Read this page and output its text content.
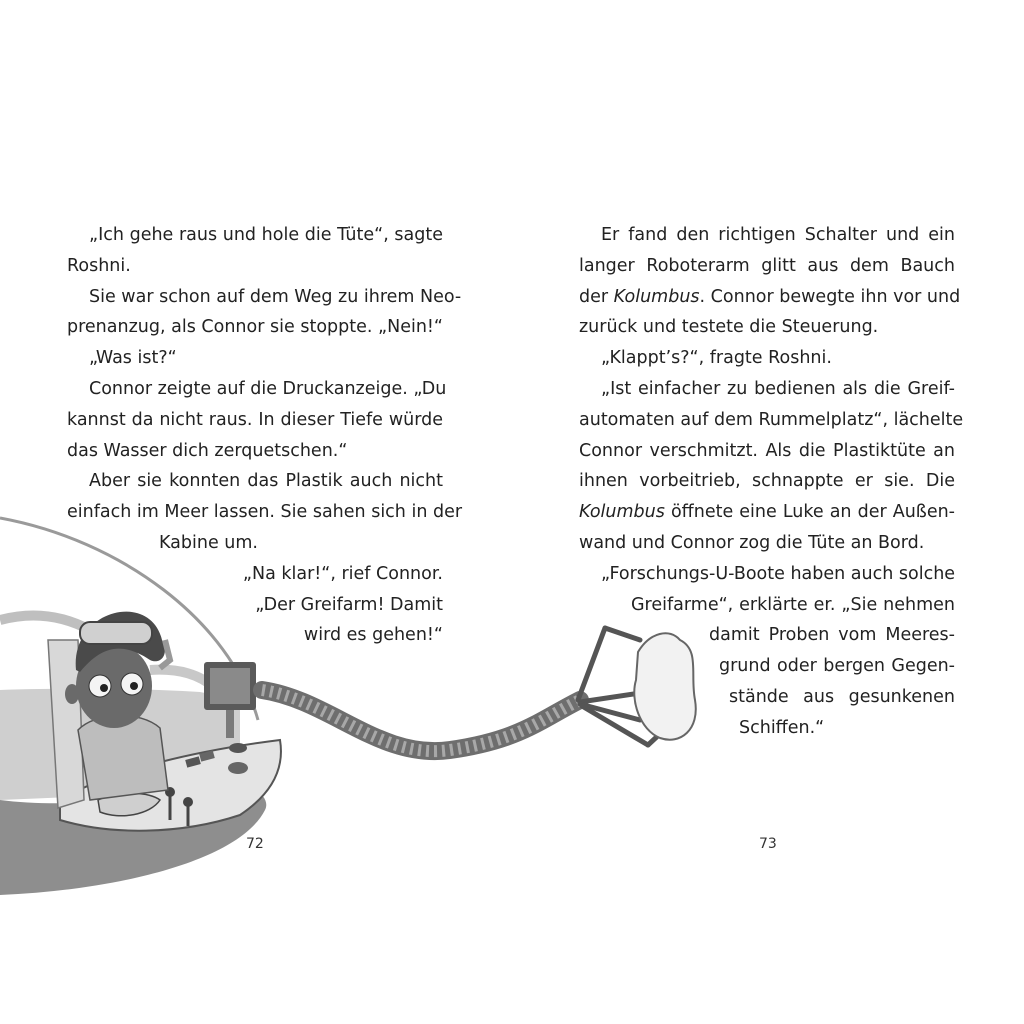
„Ich gehe raus und hole die Tüte“, sagte
Roshni.
Sie war schon auf dem Weg zu ihrem Neo-
prenanzug, als Connor sie stoppte. „Nein!“
„Was ist?“
Connor zeigte auf die Druckanzeige. „Du
kannst da nicht raus. In dieser Tiefe würde
das Wasser dich zerquetschen.“
Aber sie konnten das Plastik auch nicht
einfach im Meer lassen. Sie sahen sich in der
Kabine um.
„Na klar!“, rief Connor.
„Der Greifarm! Damit
wird es gehen!“
Er fand den richtigen Schalter und ein
langer Roboterarm glitt aus dem Bauch
der Kolumbus. Connor bewegte ihn vor und
zurück und testete die Steuerung.
„Klappt’s?“, fragte Roshni.
„Ist einfacher zu bedienen als die Greif-
automaten auf dem Rummelplatz“, lächelte
Connor verschmitzt. Als die Plastiktüte an
ihnen vorbeitrieb, schnappte er sie. Die
Kolumbus öffnete eine Luke an der Außen-
wand und Connor zog die Tüte an Bord.
„Forschungs-U-Boote haben auch solche
Greifarme“, erklärte er. „Sie nehmen
damit Proben vom Meeres-
grund oder bergen Gegen-
stände aus gesunkenen
Schiffen.“
72	73
